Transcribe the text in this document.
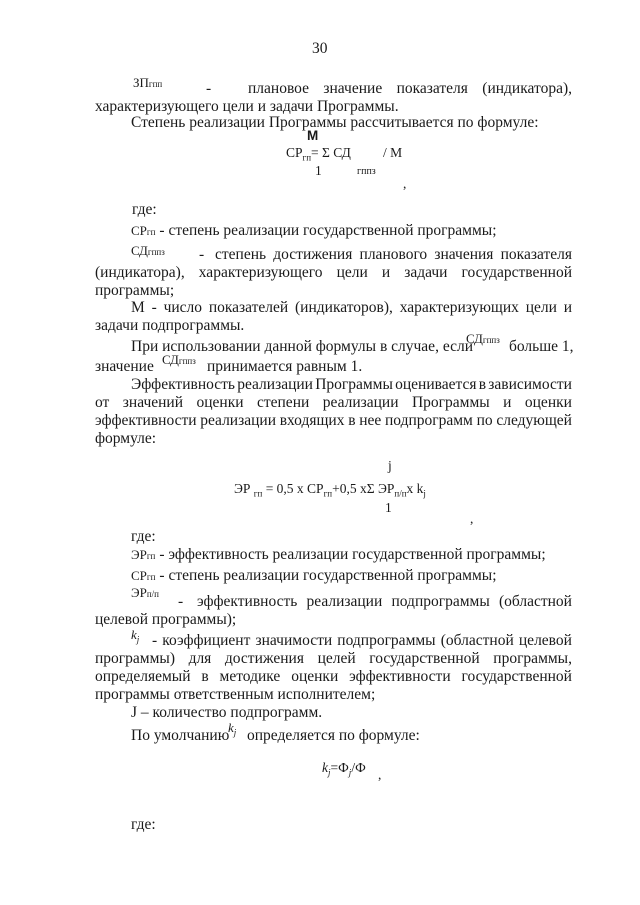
30
ЗПгпп	- плановое значение показателя (индикатора),
характеризующего цели и задачи Программы.
Степень реализации Программы рассчитывается по формуле:
M
$СР_{гп}= \Sigma$ СД / M
1	гппз
,
где:
СРгп - степень реализации государственной программы;
СДгппз - степень достижения планового значения показателя
(индикатора), характеризующего цели и задачи государственной
программы;
М - число показателей (индикаторов), характеризующих цели и
задачи подпрограммы.
При использовании данной формулы в случае, если
СДгппз больше 1,
значение СДгппз принимается равным 1.
Эффективность реализации Программы оценивается в зависимости
от значений оценки степени реализации Программы и оценки
эффективности реализации входящих в нее подпрограмм по следующей
формуле:
j
ЭР $_{гп}$ = 0,5 x $СР_{гп}+0,5$ xΣ $ЭР_{п/п}x$ $k_j$
1
,
где:
ЭРгп - эффективность реализации государственной программы;
СРгп - степень реализации государственной программы;
ЭРп/п - эффективность реализации подпрограммы (областной
целевой программы);
$k_j$ - коэффициент значимости подпрограммы (областной целевой
программы) для достижения целей государственной программы,
определяемый в методике оценки эффективности государственной
программы ответственным исполнителем;
J – количество подпрограмм.
По умолчанию
$k_j$ определяется по формуле:
$k_j=Ф_j/Ф$ ,
где:
